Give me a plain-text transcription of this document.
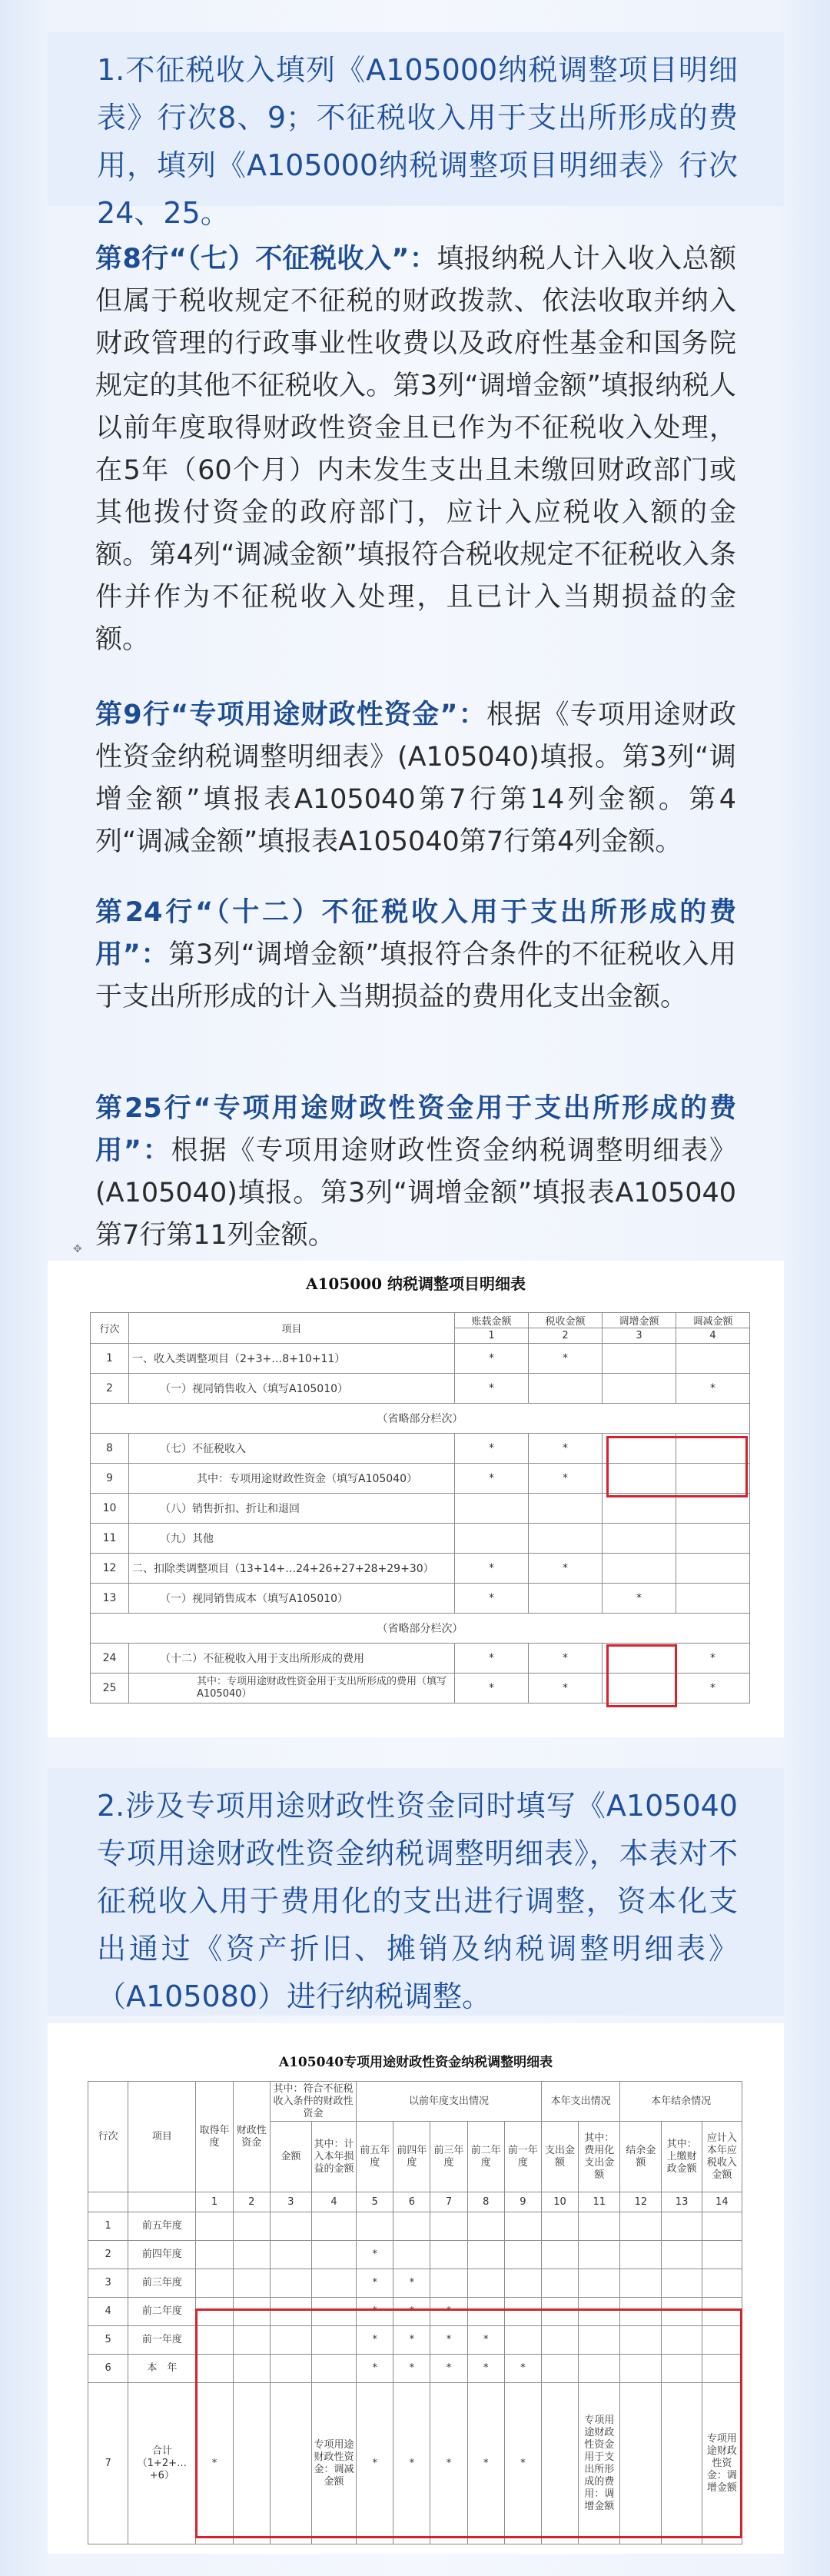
1.不征税收入填列《A105000纳税调整项目明细表》行次8、9；不征税收入用于支出所形成的费用，填列《A105000纳税调整项目明细表》行次24、25。
第8行“（七）不征税收入”：填报纳税人计入收入总额但属于税收规定不征税的财政拨款、依法收取并纳入财政管理的行政事业性收费以及政府性基金和国务院规定的其他不征税收入。第3列“调增金额”填报纳税人以前年度取得财政性资金且已作为不征税收入处理，在5年（60个月）内未发生支出且未缴回财政部门或其他拨付资金的政府部门，应计入应税收入额的金额。第4列“调减金额”填报符合税收规定不征税收入条件并作为不征税收入处理，且已计入当期损益的金额。
第9行“专项用途财政性资金”：根据《专项用途财政性资金纳税调整明细表》(A105040)填报。第3列“调增金额”填报表A105040第7行第14列金额。第4列“调减金额”填报表A105040第7行第4列金额。
第24行“（十二）不征税收入用于支出所形成的费用”：第3列“调增金额”填报符合条件的不征税收入用于支出所形成的计入当期损益的费用化支出金额。
第25行“专项用途财政性资金用于支出所形成的费用”：根据《专项用途财政性资金纳税调整明细表》(A105040)填报。第3列“调增金额”填报表A105040第7行第11列金额。
✥
A105000 纳税调整项目明细表
行次	项目	账载金额	税收金额	调增金额	调减金额
		1	2	3	4
1	一、收入类调整项目（2+3+…8+10+11）	*	*		
2	（一）视同销售收入（填写A105010）	*			*
（省略部分栏次）					
8	（七）不征税收入	*	*		
9	其中：专项用途财政性资金（填写A105040）	*	*		
10	（八）销售折扣、折让和退回				
11	（九）其他				
12	二、扣除类调整项目（13+14+…24+26+27+28+29+30）	*	*		
13	（一）视同销售成本（填写A105010）	*		*	
（省略部分栏次）					
24	（十二）不征税收入用于支出所形成的费用	*	*		*
25	其中：专项用途财政性资金用于支出所形成的费用（填写A105040）	*	*		*
2.涉及专项用途财政性资金同时填写《A105040专项用途财政性资金纳税调整明细表》，本表对不征税收入用于费用化的支出进行调整，资本化支出通过《资产折旧、摊销及纳税调整明细表》（A105080）进行纳税调整。
A105040专项用途财政性资金纳税调整明细表
行次	项目	取得年度	财政性资金	其中：符合不征税收入条件的财政性资金		以前年度支出情况					本年支出情况		本年结余情况		
				金额	其中：计入本年损益的金额	前五年度	前四年度	前三年度	前二年度	前一年度	支出金额	其中：费用化支出金额	结余金额	其中：上缴财政金额	应计入本年应税收入金额

		1	2	3	4	5	6	7	8	9	10	11	12	13	14
1	前五年度														
2	前四年度					*									
3	前三年度					*	*								
4	前二年度					*	*	*							
5	前一年度					*	*	*	*						
6	本　年					*	*	*	*	*					
7	合计（1+2+…+6）	*			专项用途财政性资金：调减金额	*	*	*	*	*		专项用途财政性资金用于支出所形成的费用：调增金额			专项用途财政性资金：调增金额
